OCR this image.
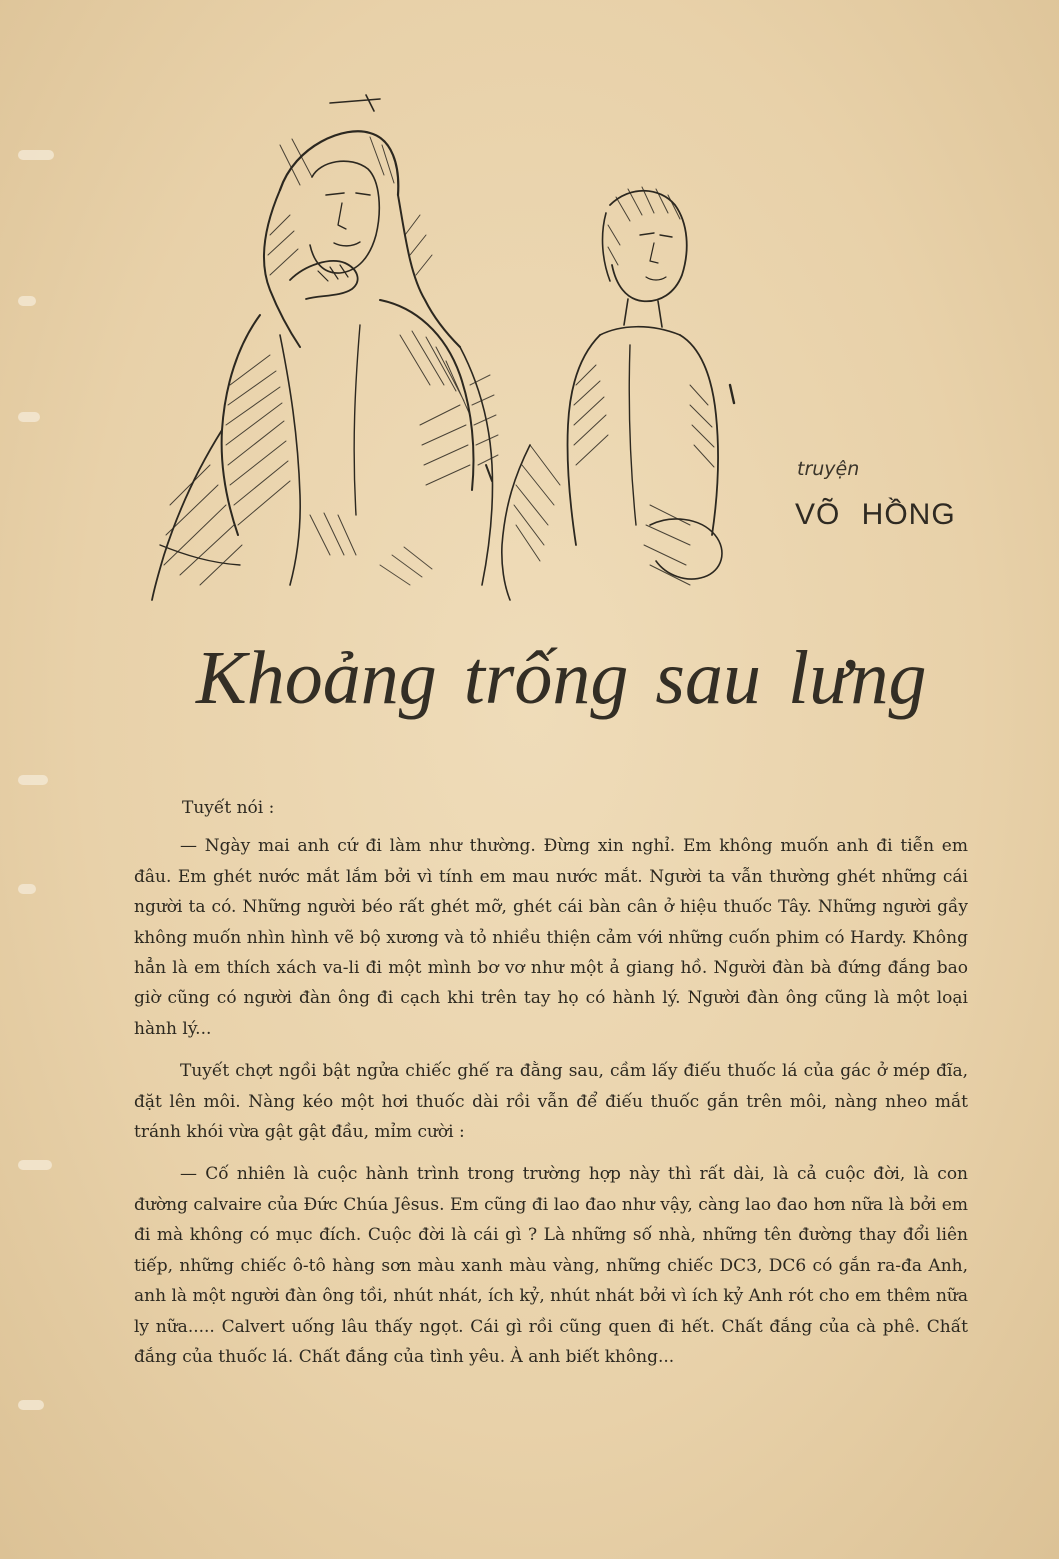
truyện
VÕ HỒNG
Khoảng trống sau lưng

Tuyết nói :

— Ngày mai anh cứ đi làm như thường. Đừng xin nghỉ. Em không muốn anh đi tiễn em đâu. Em ghét nước mắt lắm bởi vì tính em mau nước mắt. Người ta vẫn thường ghét những cái người ta có. Những người béo rất ghét mỡ, ghét cái bàn cân ở hiệu thuốc Tây. Những người gầy không muốn nhìn hình vẽ bộ xương và tỏ nhiều thiện cảm với những cuốn phim có Hardy. Không hẳn là em thích xách va-li đi một mình bơ vơ như một ả giang hồ. Người đàn bà đứng đắng bao giờ cũng có người đàn ông đi cạch khi trên tay họ có hành lý. Người đàn ông cũng là một loại hành lý...

Tuyết chợt ngồi bật ngửa chiếc ghế ra đằng sau, cầm lấy điếu thuốc lá của gác ở mép đĩa, đặt lên môi. Nàng kéo một hơi thuốc dài rồi vẫn để điếu thuốc gắn trên môi, nàng nheo mắt tránh khói vừa gật gật đầu, mỉm cười :

— Cố nhiên là cuộc hành trình trong trường hợp này thì rất dài, là cả cuộc đời, là con đường calvaire của Đức Chúa Jêsus. Em cũng đi lao đao như vậy, càng lao đao hơn nữa là bởi em đi mà không có mục đích. Cuộc đời là cái gì ? Là những số nhà, những tên đường thay đổi liên tiếp, những chiếc ô-tô hàng sơn màu xanh màu vàng, những chiếc DC3, DC6 có gắn ra-đa Anh, anh là một người đàn ông tồi, nhút nhát, ích kỷ, nhút nhát bởi vì ích kỷ Anh rót cho em thêm nữa ly nữa..... Calvert uống lâu thấy ngọt. Cái gì rồi cũng quen đi hết. Chất đắng của cà phê. Chất đắng của thuốc lá. Chất đắng của tình yêu. À anh biết không...
